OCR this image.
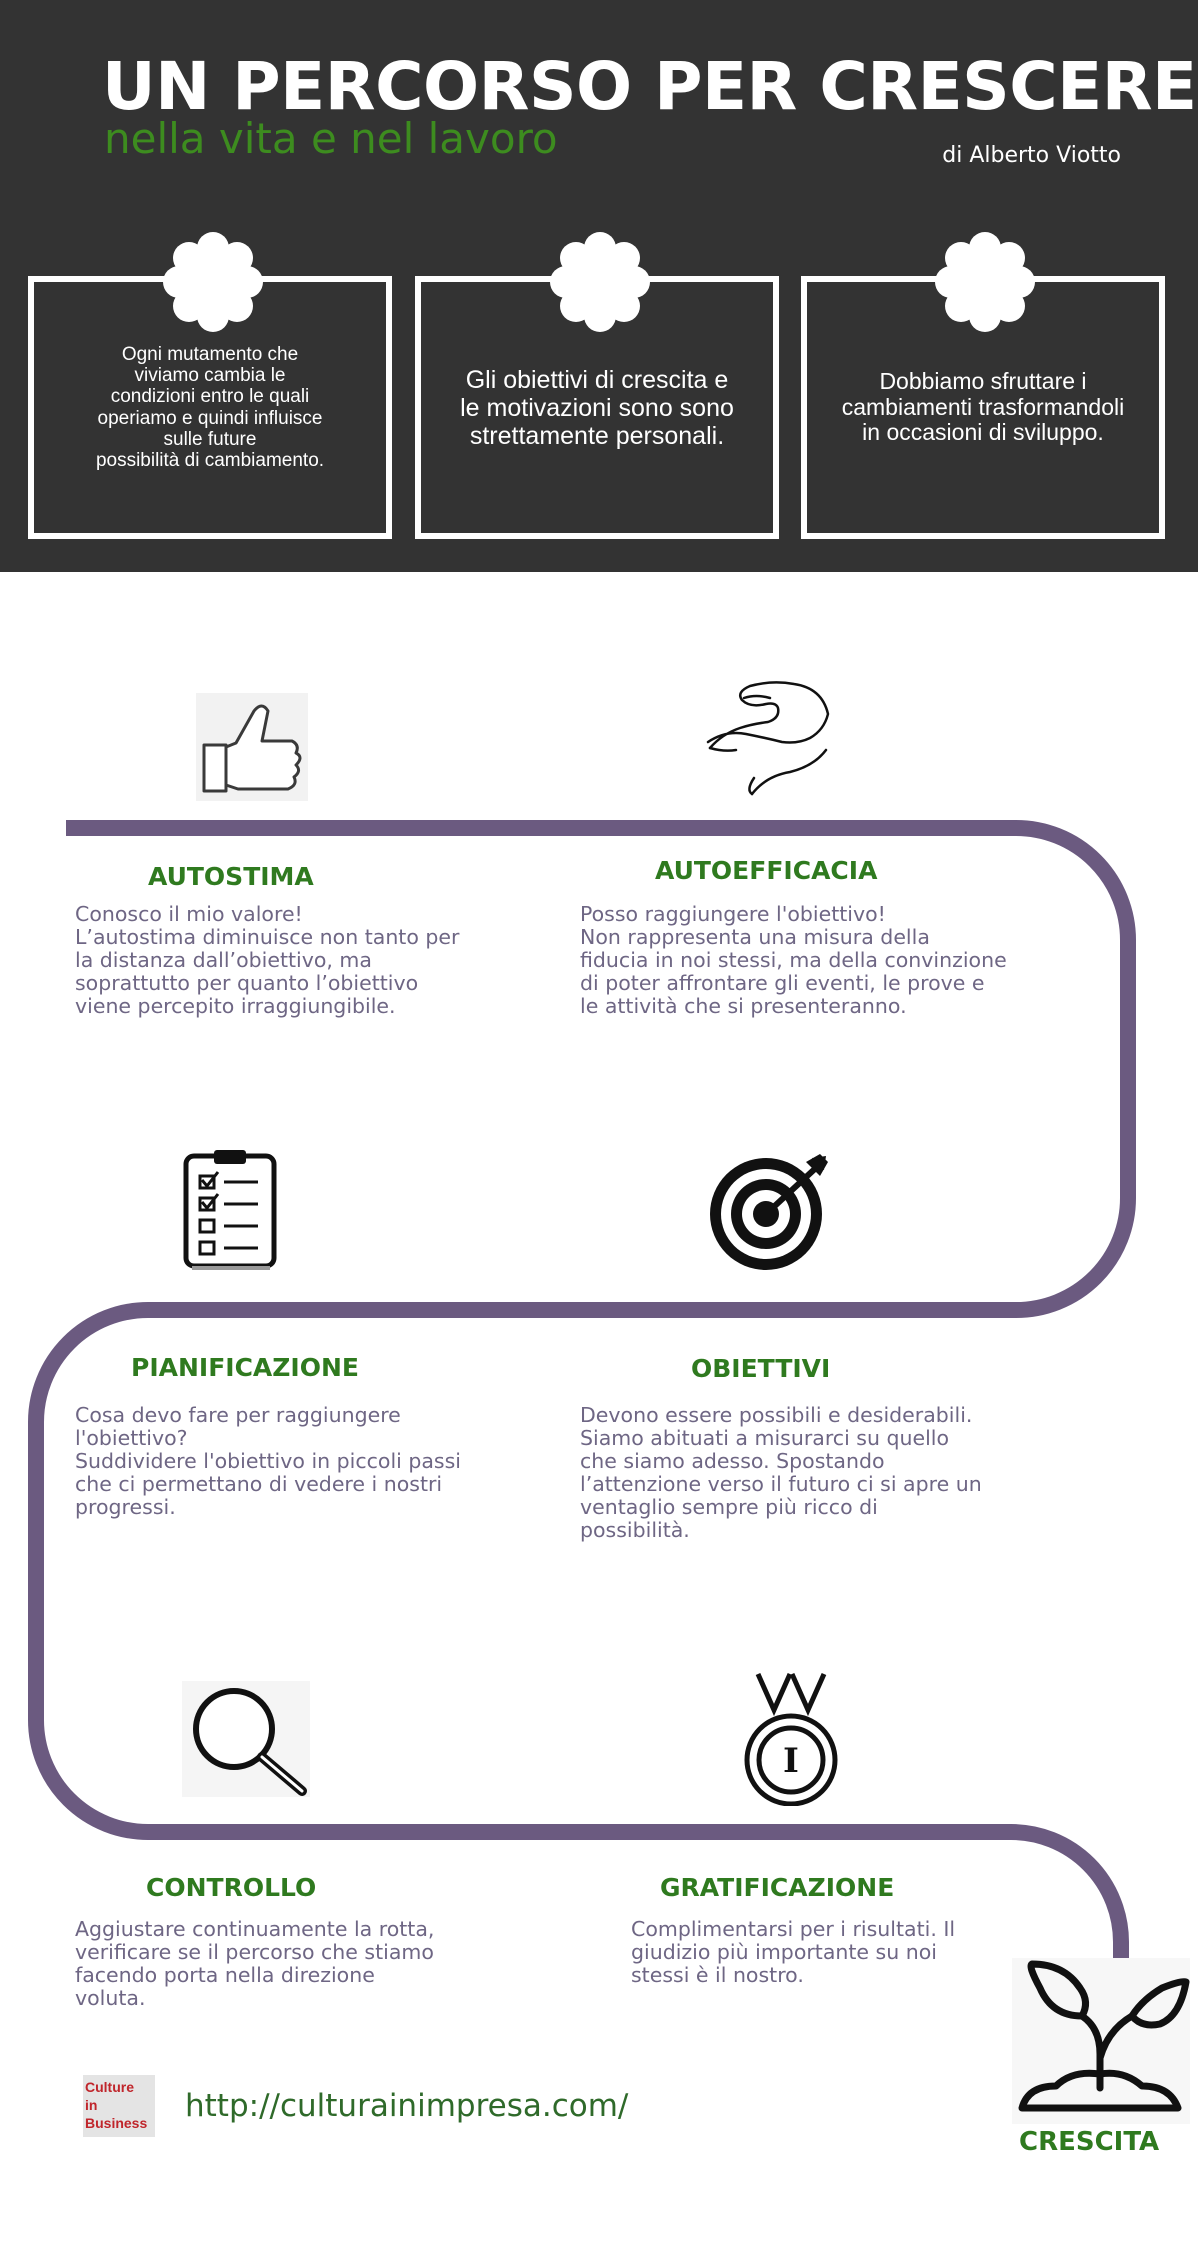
UN PERCORSO PER CRESCERE
nella vita e nel lavoro	di Alberto Viotto
Ogni mutamento che
viviamo cambia le
condizioni entro le quali
operiamo e quindi influisce
sulle future
possibilità di cambiamento.
Gli obiettivi di crescita e
le motivazioni sono sono
strettamente personali.
Dobbiamo sfruttare i
cambiamenti trasformandoli
in occasioni di sviluppo.
I
AUTOSTIMA
Conosco il mio valore!
L’autostima diminuisce non tanto per
la distanza dall’obiettivo, ma
soprattutto per quanto l’obiettivo
viene percepito irraggiungibile.
AUTOEFFICACIA
Posso raggiungere l'obiettivo!
Non rappresenta una misura della
fiducia in noi stessi, ma della convinzione
di poter affrontare gli eventi, le prove e
le attività che si presenteranno.
PIANIFICAZIONE
Cosa devo fare per raggiungere
l'obiettivo?
Suddividere l'obiettivo in piccoli passi
che ci permettano di vedere i nostri
progressi.
OBIETTIVI
Devono essere possibili e desiderabili.
Siamo abituati a misurarci su quello
che siamo adesso. Spostando
l’attenzione verso il futuro ci si apre un
ventaglio sempre più ricco di
possibilità.
CONTROLLO
Aggiustare continuamente la rotta,
verificare se il percorso che stiamo
facendo porta nella direzione
voluta.
GRATIFICAZIONE
Complimentarsi per i risultati. Il
giudizio più importante su noi
stessi è il nostro.
Culture
in
Business http://culturainimpresa.com/
CRESCITA
